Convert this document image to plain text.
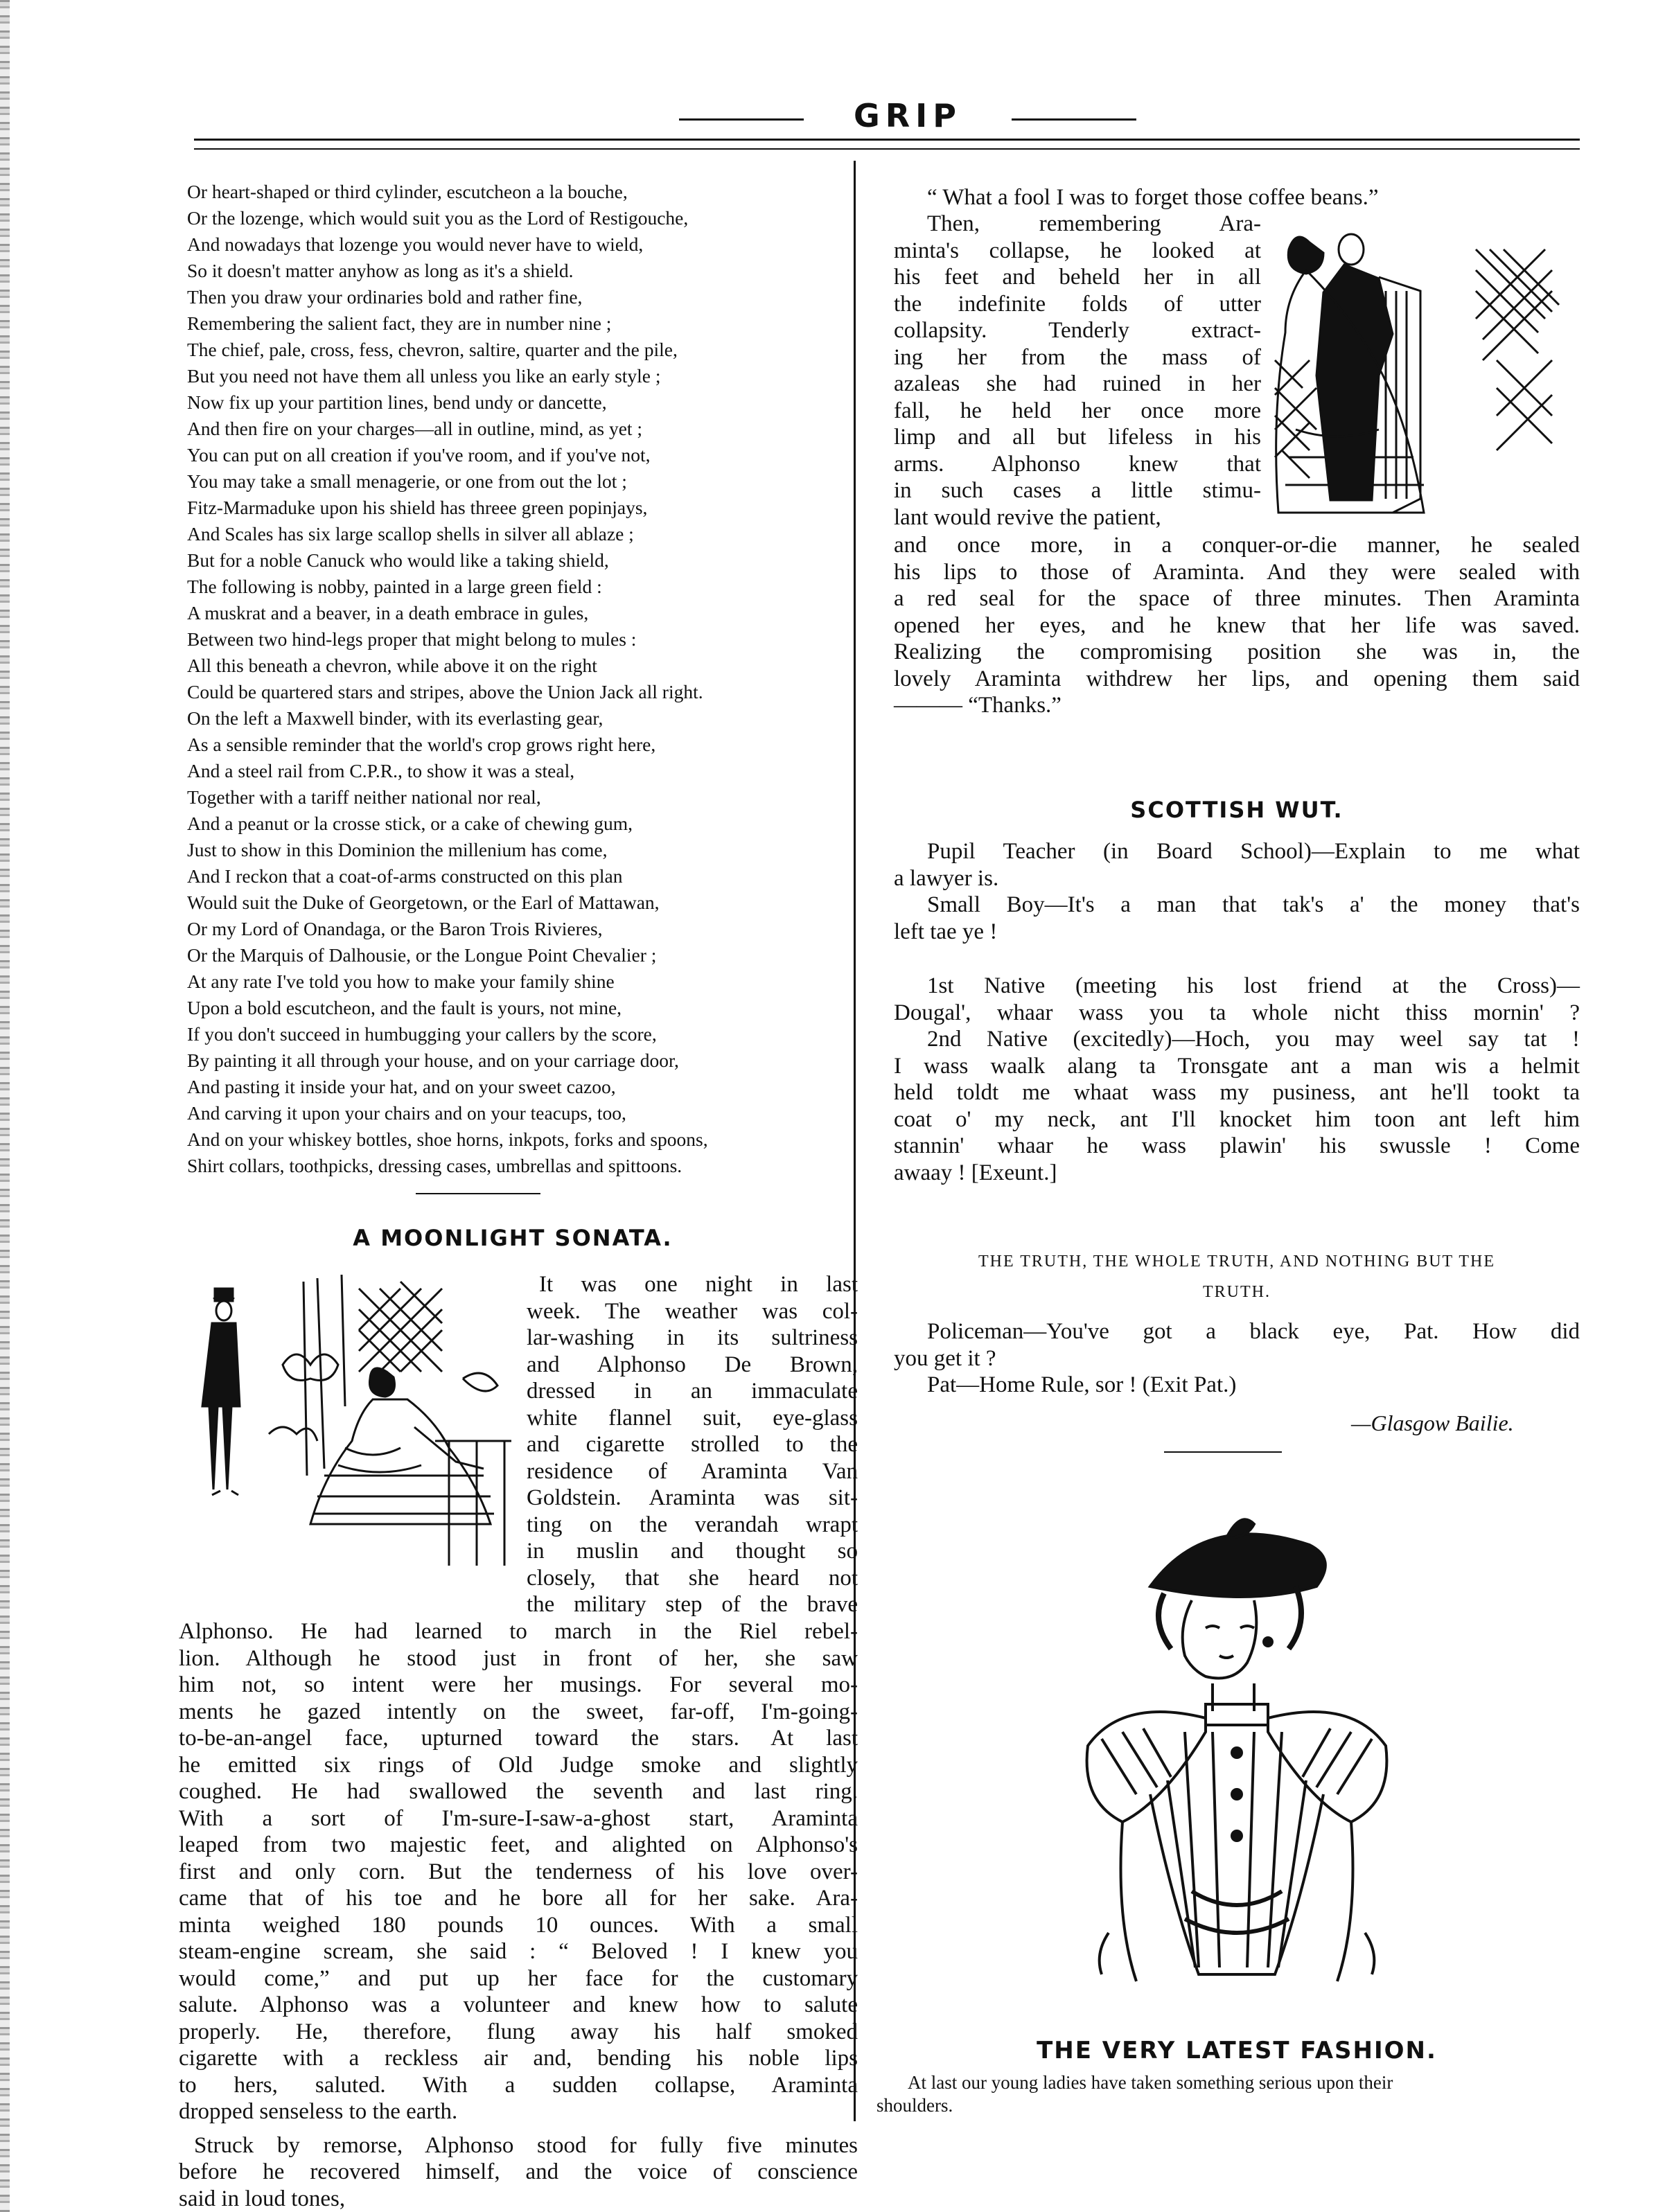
GRIP
Or heart-shaped or third cylinder, escutcheon a la bouche,
Or the lozenge, which would suit you as the Lord of Restigouche,
And nowadays that lozenge you would never have to wield,
So it doesn't matter anyhow as long as it's a shield.
Then you draw your ordinaries bold and rather fine,
Remembering the salient fact, they are in number nine ;
The chief, pale, cross, fess, chevron, saltire, quarter and the pile,
But you need not have them all unless you like an early style ;
Now fix up your partition lines, bend undy or dancette,
And then fire on your charges—all in outline, mind, as yet ;
You can put on all creation if you've room, and if you've not,
You may take a small menagerie, or one from out the lot ;
Fitz-Marmaduke upon his shield has threee green popinjays,
And Scales has six large scallop shells in silver all ablaze ;
But for a noble Canuck who would like a taking shield,
The following is nobby, painted in a large green field :
A muskrat and a beaver, in a death embrace in gules,
Between two hind-legs proper that might belong to mules :
All this beneath a chevron, while above it on the right
Could be quartered stars and stripes, above the Union Jack all right.
On the left a Maxwell binder, with its everlasting gear,
As a sensible reminder that the world's crop grows right here,
And a steel rail from C.P.R., to show it was a steal,
Together with a tariff neither national nor real,
And a peanut or la crosse stick, or a cake of chewing gum,
Just to show in this Dominion the millenium has come,
And I reckon that a coat-of-arms constructed on this plan
Would suit the Duke of Georgetown, or the Earl of Mattawan,
Or my Lord of Onandaga, or the Baron Trois Rivieres,
Or the Marquis of Dalhousie, or the Longue Point Chevalier ;
At any rate I've told you how to make your family shine
Upon a bold escutcheon, and the fault is yours, not mine,
If you don't succeed in humbugging your callers by the score,
By painting it all through your house, and on your carriage door,
And pasting it inside your hat, and on your sweet cazoo,
And carving it upon your chairs and on your teacups, too,
And on your whiskey bottles, shoe horns, inkpots, forks and spoons,
Shirt collars, toothpicks, dressing cases, umbrellas and spittoons.
A MOONLIGHT SONATA.
It was one night in last
week. The weather was col-
lar-washing in its sultriness
and Alphonso De Brown,
dressed in an immaculate
white flannel suit, eye-glass
and cigarette strolled to the
residence of Araminta Van
Goldstein. Araminta was sit-
ting on the verandah wrapt
in muslin and thought so
closely, that she heard not
the military step of the brave
Alphonso. He had learned to march in the Riel rebel-
lion. Although he stood just in front of her, she saw
him not, so intent were her musings. For several mo-
ments he gazed intently on the sweet, far-off, I'm-going-
to-be-an-angel face, upturned toward the stars. At last
he emitted six rings of Old Judge smoke and slightly
coughed. He had swallowed the seventh and last ring.
With a sort of I'm-sure-I-saw-a-ghost start, Araminta
leaped from two majestic feet, and alighted on Alphonso's
first and only corn. But the tenderness of his love over-
came that of his toe and he bore all for her sake. Ara-
minta weighed 180 pounds 10 ounces. With a small
steam-engine scream, she said : “ Beloved ! I knew you
would come,” and put up her face for the customary
salute. Alphonso was a volunteer and knew how to salute
properly. He, therefore, flung away his half smoked
cigarette with a reckless air and, bending his noble lips
to hers, saluted. With a sudden collapse, Araminta
dropped senseless to the earth.
Struck by remorse, Alphonso stood for fully five minutes
before he recovered himself, and the voice of conscience
said in loud tones,
“ What a fool I was to forget those coffee beans.”
Then, remembering Ara-
minta's collapse, he looked at
his feet and beheld her in all
the indefinite folds of utter
collapsity. Tenderly extract-
ing her from the mass of
azaleas she had ruined in her
fall, he held her once more
limp and all but lifeless in his
arms. Alphonso knew that
in such cases a little stimu-
lant would revive the patient,
and once more, in a conquer-or-die manner, he sealed
his lips to those of Araminta. And they were sealed with
a red seal for the space of three minutes. Then Araminta
opened her eyes, and he knew that her life was saved.
Realizing the compromising position she was in, the
lovely Araminta withdrew her lips, and opening them said
——— “Thanks.”
SCOTTISH WUT.
Pupil Teacher (in Board School)—Explain to me what
a lawyer is.
Small Boy—It's a man that tak's a' the money that's
left tae ye !
1st Native (meeting his lost friend at the Cross)—
Dougal', whaar wass you ta whole nicht thiss mornin' ?
2nd Native (excitedly)—Hoch, you may weel say tat !
I wass waalk alang ta Tronsgate ant a man wis a helmit
held toldt me whaat wass my pusiness, ant he'll tookt ta
coat o' my neck, ant I'll knocket him toon ant left him
stannin' whaar he wass plawin' his swussle ! Come
awaay ! [Exeunt.]
THE TRUTH, THE WHOLE TRUTH, AND NOTHING BUT THE
TRUTH.
Policeman—You've got a black eye, Pat. How did
you get it ?
Pat—Home Rule, sor ! (Exit Pat.)
—Glasgow Bailie.
THE VERY LATEST FASHION.
At last our young ladies have taken something serious upon their
shoulders.
